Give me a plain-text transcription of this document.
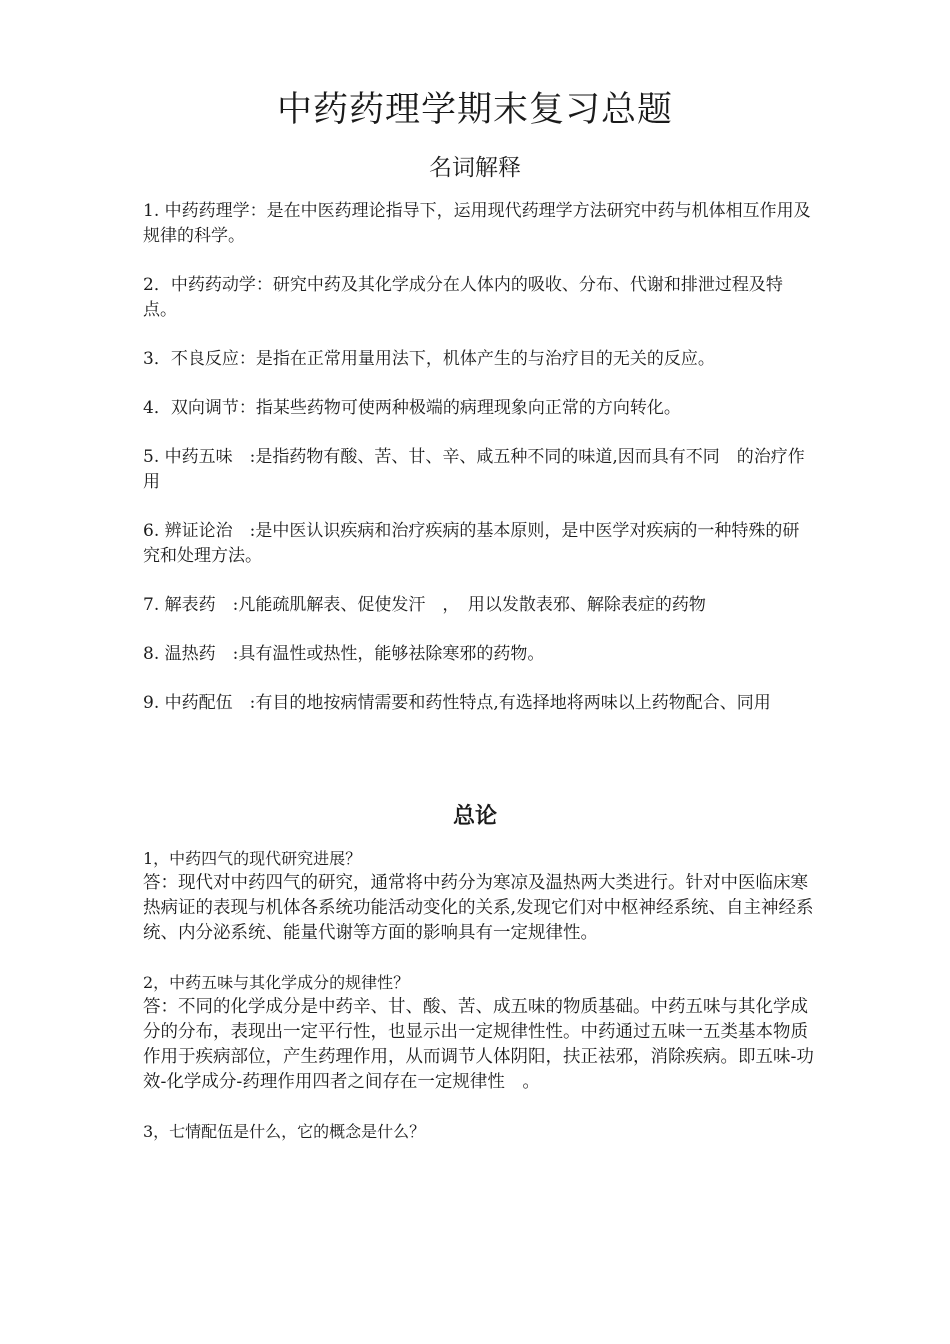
中药药理学期末复习总题
名词解释

1. 中药药理学：是在中医药理论指导下，运用现代药理学方法研究中药与机体相互作用及规律的科学。

2．中药药动学：研究中药及其化学成分在人体内的吸收、分布、代谢和排泄过程及特点。

3．不良反应：是指在正常用量用法下，机体产生的与治疗目的无关的反应。

4．双向调节：指某些药物可使两种极端的病理现象向正常的方向转化。

5. 中药五味　:是指药物有酸、苦、甘、辛、咸五种不同的味道,因而具有不同　的治疗作用

6. 辨证论治　:是中医认识疾病和治疗疾病的基本原则，是中医学对疾病的一种特殊的研究和处理方法。

7. 解表药　:凡能疏肌解表、促使发汗　，　用以发散表邪、解除表症的药物

8. 温热药　:具有温性或热性，能够祛除寒邪的药物。

9. 中药配伍　:有目的地按病情需要和药性特点,有选择地将两味以上药物配合、同用

总论
1，中药四气的现代研究进展？
答：现代对中药四气的研究，通常将中药分为寒凉及温热两大类进行。针对中医临床寒热病证的表现与机体各系统功能活动变化的关系,发现它们对中枢神经系统、自主神经系统、内分泌系统、能量代谢等方面的影响具有一定规律性。
2，中药五味与其化学成分的规律性？
答：不同的化学成分是中药辛、甘、酸、苦、成五味的物质基础。中药五味与其化学成分的分布，表现出一定平行性，也显示出一定规律性性。中药通过五味一五类基本物质作用于疾病部位，产生药理作用，从而调节人体阴阳，扶正祛邪，消除疾病。即五味-功效-化学成分-药理作用四者之间存在一定规律性　。
3，七情配伍是什么，它的概念是什么？
